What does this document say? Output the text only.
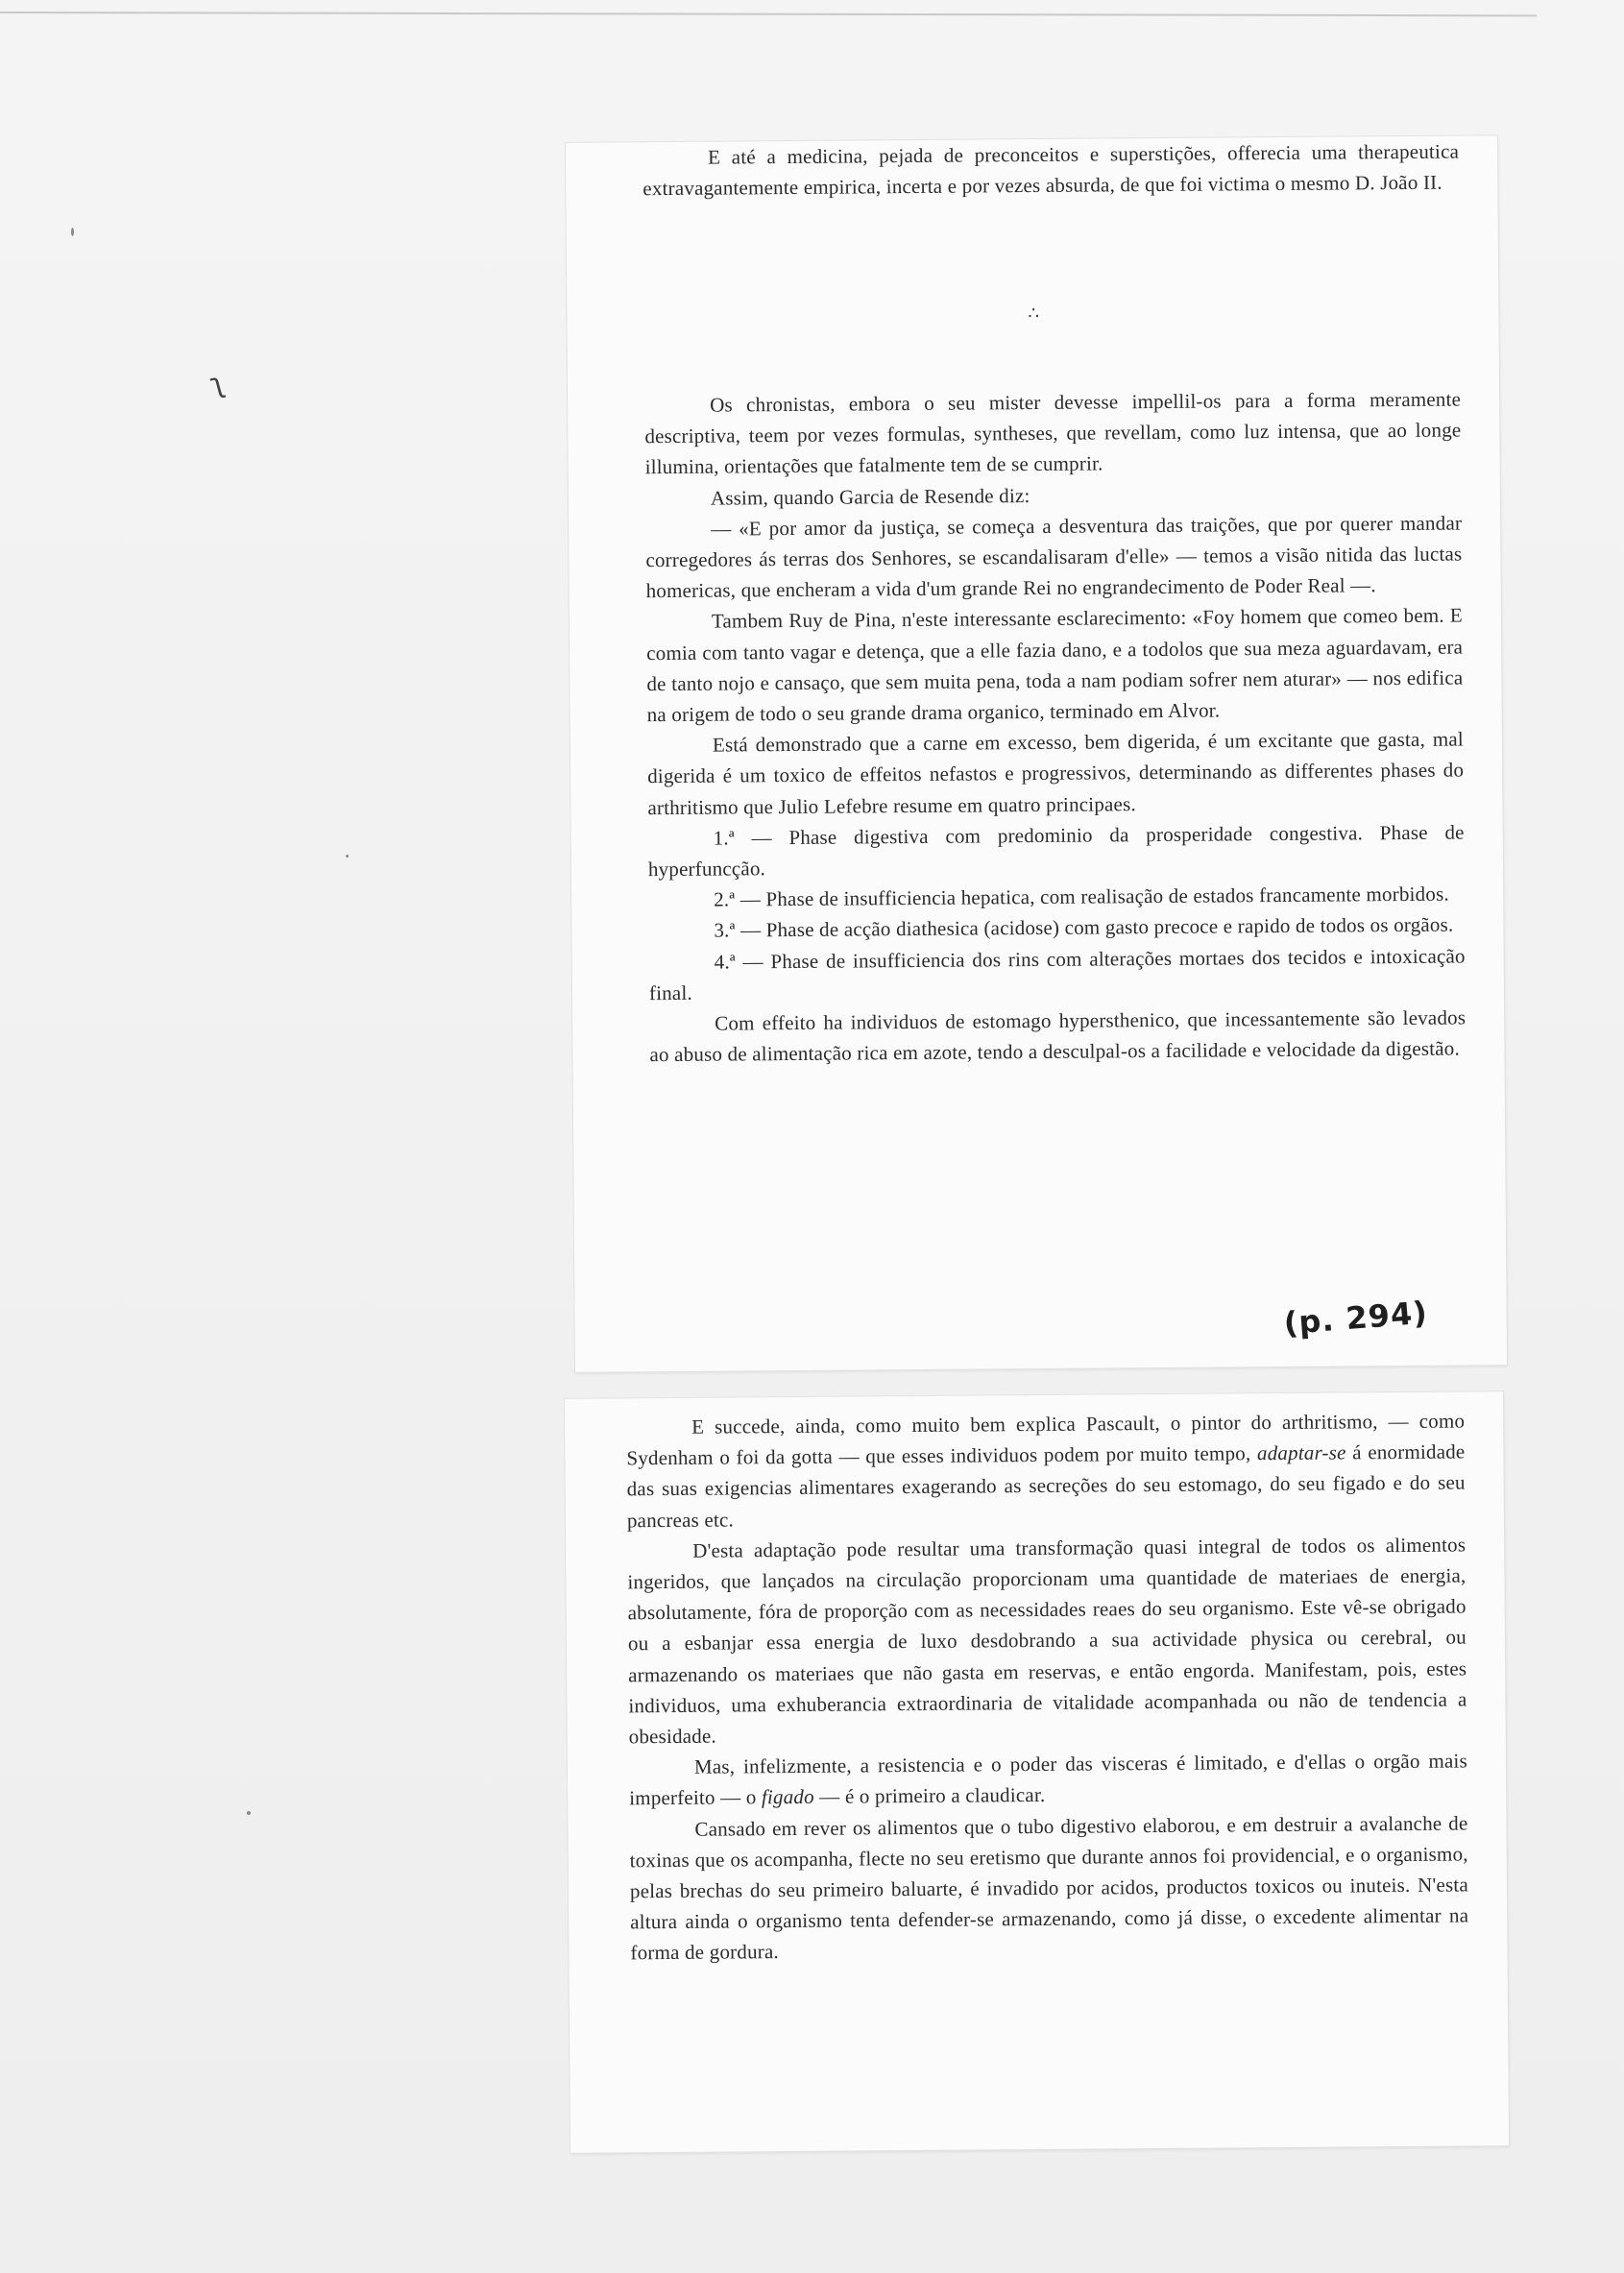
ʅ

E até a medicina, pejada de preconceitos e superstições, offerecia uma therapeutica extravagantemente empirica, incerta e por vezes absurda, de que foi victima o mesmo D. João II.

∴

Os chronistas, embora o seu mister devesse impellil-os para a forma meramente descriptiva, teem por vezes formulas, syntheses, que revellam, como luz intensa, que ao longe illumina, orientações que fatalmente tem de se cumprir.

Assim, quando Garcia de Resende diz:

— «E por amor da justiça, se começa a desventura das traições, que por querer mandar corregedores ás terras dos Senhores, se escandalisaram d'elle» — temos a visão nitida das luctas homericas, que encheram a vida d'um grande Rei no engrandecimento de Poder Real —.

Tambem Ruy de Pina, n'este interessante esclarecimento: «Foy homem que comeo bem. E comia com tanto vagar e detença, que a elle fazia dano, e a todolos que sua meza aguardavam, era de tanto nojo e cansaço, que sem muita pena, toda a nam podiam sofrer nem aturar» — nos edifica na origem de todo o seu grande drama organico, terminado em Alvor.

Está demonstrado que a carne em excesso, bem digerida, é um excitante que gasta, mal digerida é um toxico de effeitos nefastos e progressivos, determinando as differentes phases do arthritismo que Julio Lefebre resume em quatro principaes.

1.ª — Phase digestiva com predominio da prosperidade congestiva. Phase de hyperfuncção.

2.ª — Phase de insufficiencia hepatica, com realisação de estados francamente morbidos.

3.ª — Phase de acção diathesica (acidose) com gasto precoce e rapido de todos os orgãos.

4.ª — Phase de insufficiencia dos rins com alterações mortaes dos tecidos e intoxicação final.

Com effeito ha individuos de estomago hypersthenico, que incessantemente são levados ao abuso de alimentação rica em azote, tendo a desculpal-os a facilidade e velocidade da digestão.

(p. 294)

E succede, ainda, como muito bem explica Pascault, o pintor do arthritismo, — como Sydenham o foi da gotta — que esses individuos podem por muito tempo, adaptar-se á enormidade das suas exigencias alimentares exagerando as secreções do seu estomago, do seu figado e do seu pancreas etc.

D'esta adaptação pode resultar uma transformação quasi integral de todos os alimentos ingeridos, que lançados na circulação proporcionam uma quantidade de materiaes de energia, absolutamente, fóra de proporção com as necessidades reaes do seu organismo. Este vê-se obrigado ou a esbanjar essa energia de luxo desdobrando a sua actividade physica ou cerebral, ou armazenando os materiaes que não gasta em reservas, e então engorda. Manifestam, pois, estes individuos, uma exhuberancia extraordinaria de vitalidade acompanhada ou não de tendencia a obesidade.

Mas, infelizmente, a resistencia e o poder das visceras é limitado, e d'ellas o orgão mais imperfeito — o figado — é o primeiro a claudicar.

Cansado em rever os alimentos que o tubo digestivo elaborou, e em destruir a avalanche de toxinas que os acompanha, flecte no seu eretismo que durante annos foi providencial, e o organismo, pelas brechas do seu primeiro baluarte, é invadido por acidos, productos toxicos ou inuteis. N'esta altura ainda o organismo tenta defender-se armazenando, como já disse, o excedente alimentar na forma de gordura.
